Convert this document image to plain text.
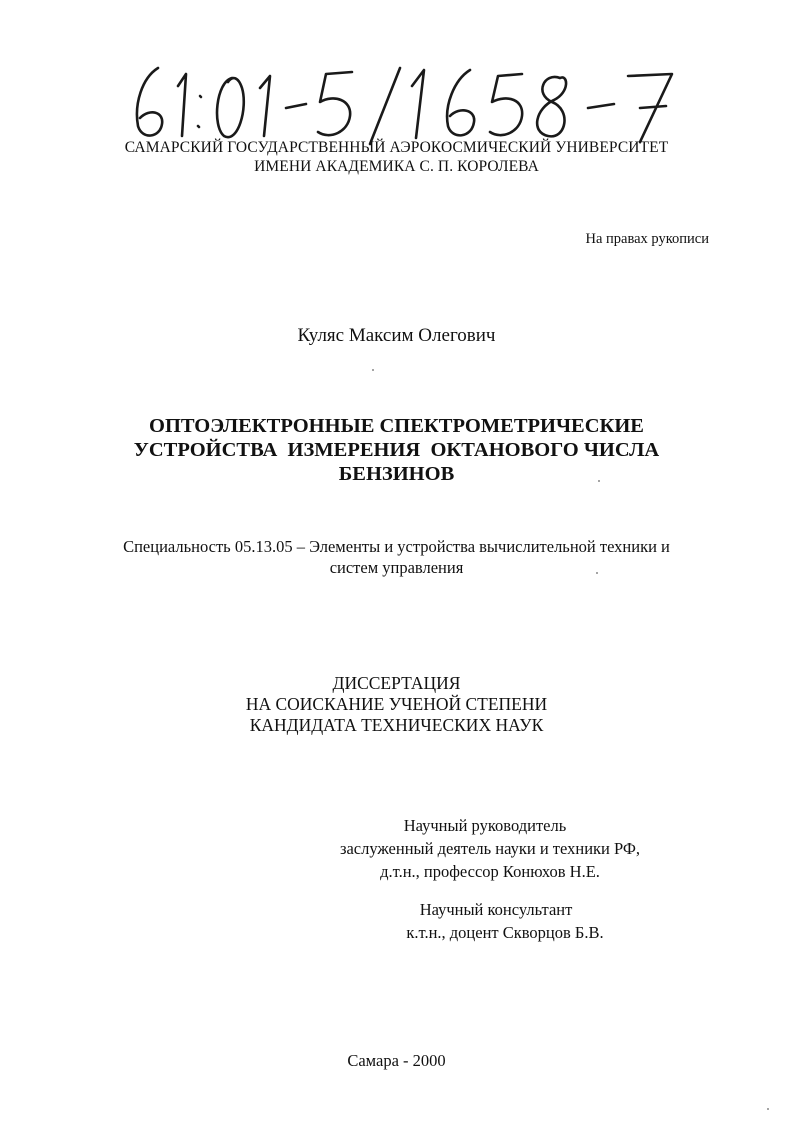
САМАРСКИЙ ГОСУДАРСТВЕННЫЙ АЭРОКОСМИЧЕСКИЙ УНИВЕРСИТЕТ
ИМЕНИ АКАДЕМИКА С. П. КОРОЛЕВА
На правах рукописи
Куляс Максим Олегович
ОПТОЭЛЕКТРОННЫЕ СПЕКТРОМЕТРИЧЕСКИЕ
УСТРОЙСТВА  ИЗМЕРЕНИЯ  ОКТАНОВОГО ЧИСЛА
БЕНЗИНОВ
Специальность 05.13.05 – Элементы и устройства вычислительной техники и
систем управления
ДИССЕРТАЦИЯ
НА СОИСКАНИЕ УЧЕНОЙ СТЕПЕНИ
КАНДИДАТА ТЕХНИЧЕСКИХ НАУК
Научный руководитель
заслуженный деятель науки и техники РФ,
д.т.н., профессор Конюхов Н.Е.
Научный консультант
к.т.н., доцент Скворцов Б.В.
Самара - 2000
